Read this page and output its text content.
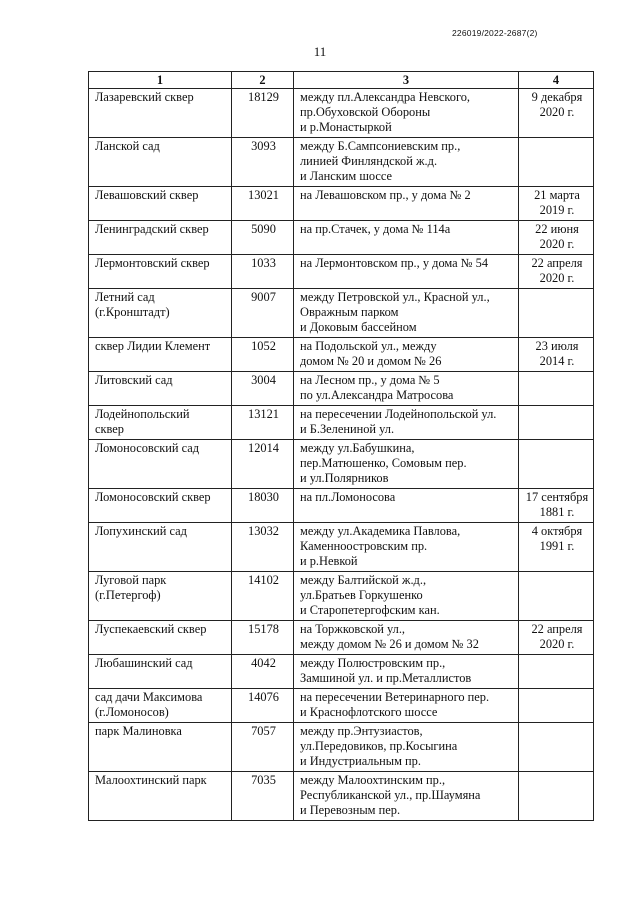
226019/2022-2687(2)
11
1	2	3	4

Лазаревский сквер	18129	между пл.Александра Невского,
пр.Обуховской Обороны
и р.Монастыркой	9 декабря
2020 г.

Ланской сад	3093	между Б.Сампсониевским пр.,
линией Финляндской ж.д.
и Ланским шоссе	

Левашовский сквер	13021	на Левашовском пр., у дома № 2	21 марта
2019 г.

Ленинградский сквер	5090	на пр.Стачек, у дома № 114а	22 июня
2020 г.

Лермонтовский сквер	1033	на Лермонтовском пр., у дома № 54	22 апреля
2020 г.

Летний сад
(г.Кронштадт)	9007	между Петровской ул., Красной ул.,
Овражным парком
и Доковым бассейном	

сквер Лидии Клемент	1052	на Подольской ул., между
домом № 20 и домом № 26	23 июля
2014 г.

Литовский сад	3004	на Лесном пр., у дома № 5
по ул.Александра Матросова	

Лодейнопольский
сквер	13121	на пересечении Лодейнопольской ул.
и Б.Зелениной ул.	

Ломоносовский сад	12014	между ул.Бабушкина,
пер.Матюшенко, Сомовым пер.
и ул.Полярников	

Ломоносовский сквер	18030	на пл.Ломоносова	17 сентября
1881 г.

Лопухинский сад	13032	между ул.Академика Павлова,
Каменноостровским пр.
и р.Невкой	4 октября
1991 г.

Луговой парк
(г.Петергоф)	14102	между Балтийской ж.д.,
ул.Братьев Горкушенко
и Старопетергофским кан.	

Луспекаевский сквер	15178	на Торжковской ул.,
между домом № 26 и домом № 32	22 апреля
2020 г.

Любашинский сад	4042	между Полюстровским пр.,
Замшиной ул. и пр.Металлистов	

сад дачи Максимова
(г.Ломоносов)	14076	на пересечении Ветеринарного пер.
и Краснофлотского шоссе	

парк Малиновка	7057	между пр.Энтузиастов,
ул.Передовиков, пр.Косыгина
и Индустриальным пр.	

Малоохтинский парк	7035	между Малоохтинским пр.,
Республиканской ул., пр.Шаумяна
и Перевозным пер.	
